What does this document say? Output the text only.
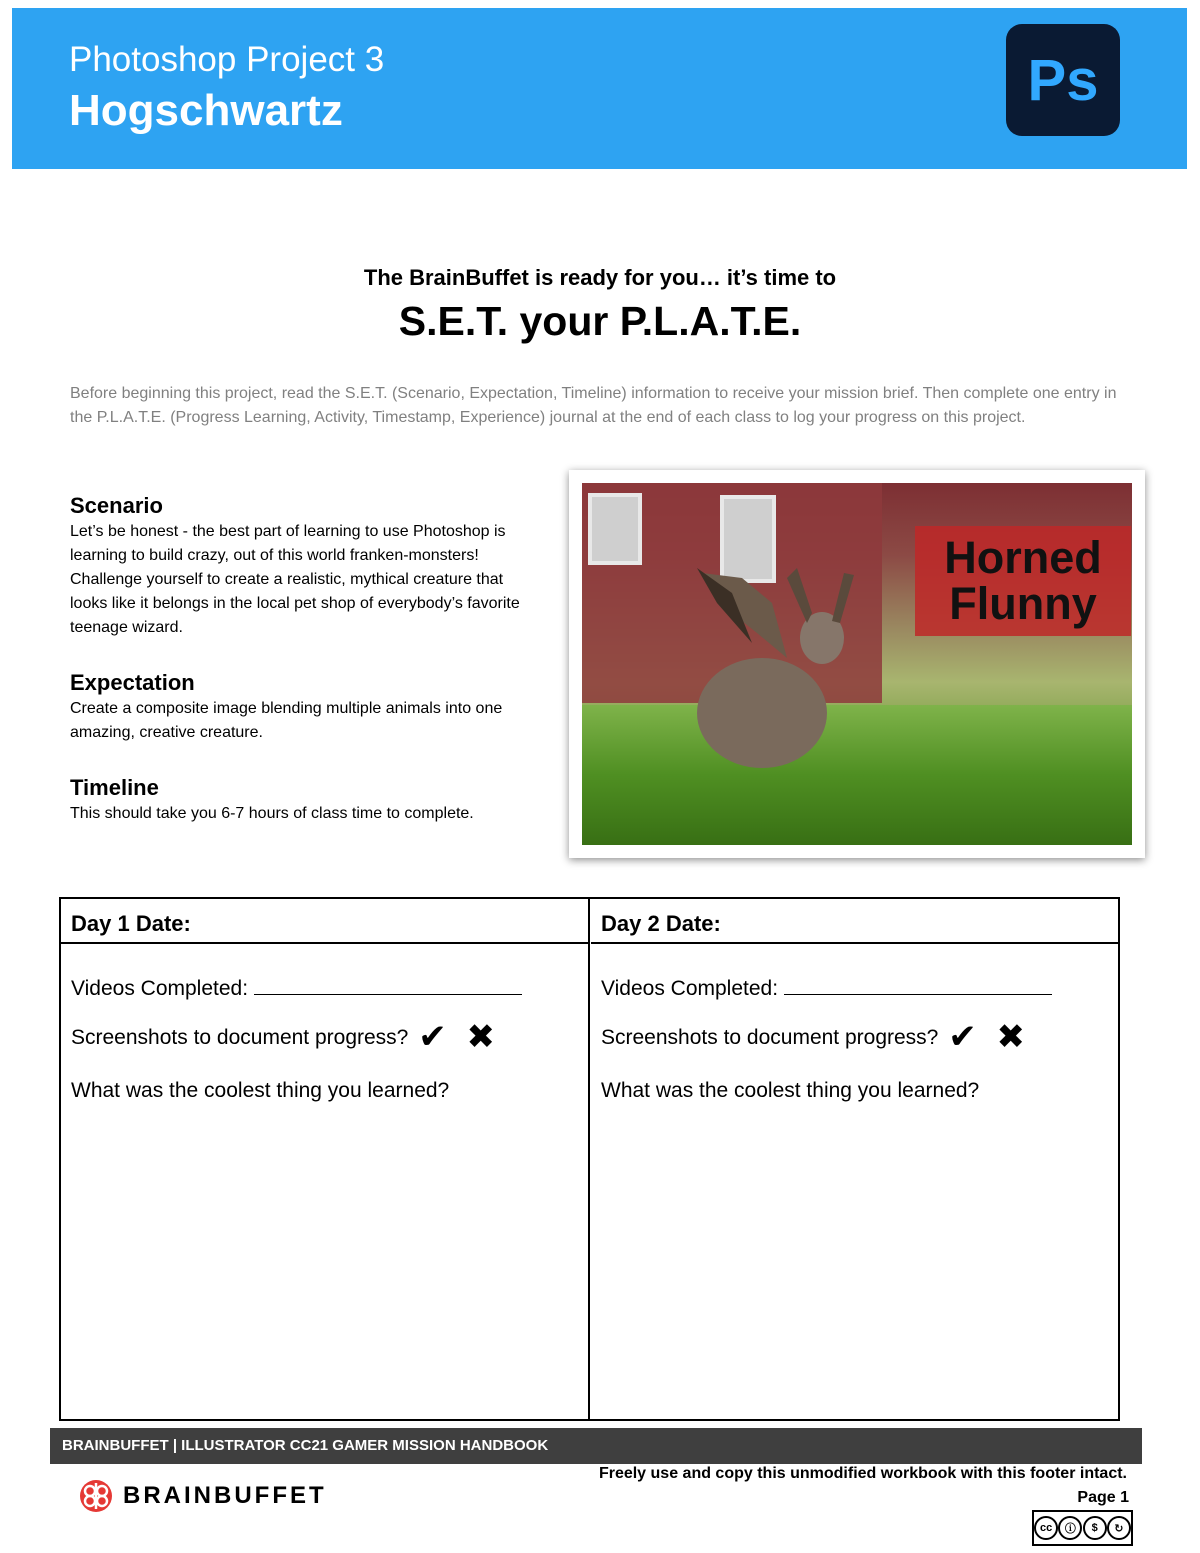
Photoshop Project 3
Hogschwartz	Ps
The BrainBuffet is ready for you… it’s time to
S.E.T. your P.L.A.T.E.
Before beginning this project, read the S.E.T. (Scenario, Expectation, Timeline) information to receive your mission brief. Then complete one entry in the P.L.A.T.E. (Progress Learning, Activity, Timestamp, Experience) journal at the end of each class to log your progress on this project.
Scenario

Let’s be honest - the best part of learning to use Photoshop is learning to build crazy, out of this world franken-monsters! Challenge yourself to create a realistic, mythical creature that looks like it belongs in the local pet shop of everybody’s favorite teenage wizard.

Expectation

Create a composite image blending multiple animals into one amazing, creative creature.

Timeline

This should take you 6-7 hours of class time to complete.

Horned
Flunny
Day 1 Date:
Videos Completed:
Screenshots to document progress? ✔ ✖
What was the coolest thing you learned?
Day 2 Date:
Videos Completed:
Screenshots to document progress? ✔ ✖
What was the coolest thing you learned?
BRAINBUFFET | ILLUSTRATOR CC21 GAMER MISSION HANDBOOK
BRAINBUFFET
Freely use and copy this unmodified workbook with this footer intact.
Page 1
cc	ⓘ	$	↻
